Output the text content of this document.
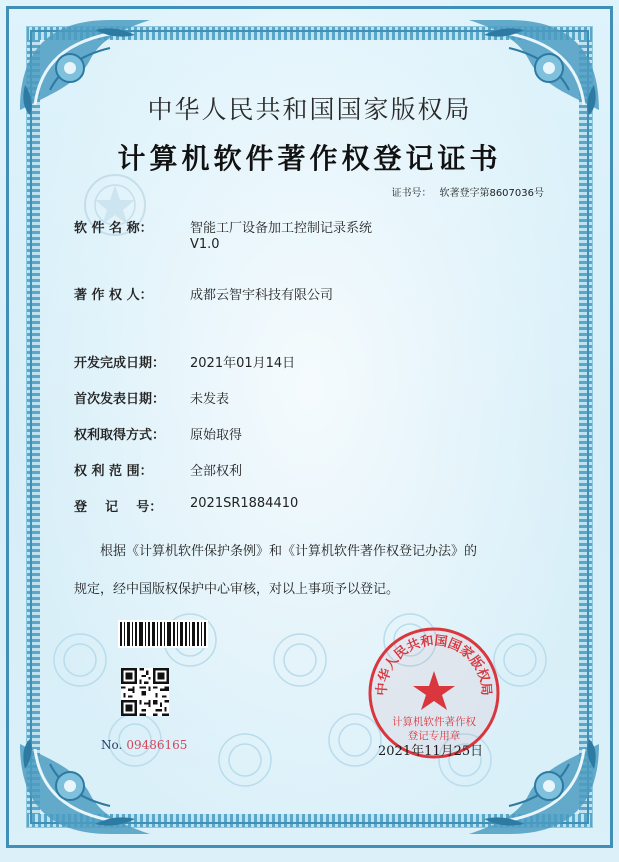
中华人民共和国国家版权局
计算机软件著作权登记证书
证书号： 软著登字第8607036号
软 件 名 称：	智能工厂设备加工控制记录系统
V1.0
著 作 权 人：	成都云智宇科技有限公司
开发完成日期：	2021年01月14日
首次发表日期：	未发表
权利取得方式：	原始取得
权 利 范 围：	全部权利
登    记    号：	2021SR1884410
根据《计算机软件保护条例》和《计算机软件著作权登记办法》的
规定，经中国版权保护中心审核，对以上事项予以登记。
No. 09486165
中华人民共和国国家版权局
计算机软件著作权
登记专用章
2021年11月25日
